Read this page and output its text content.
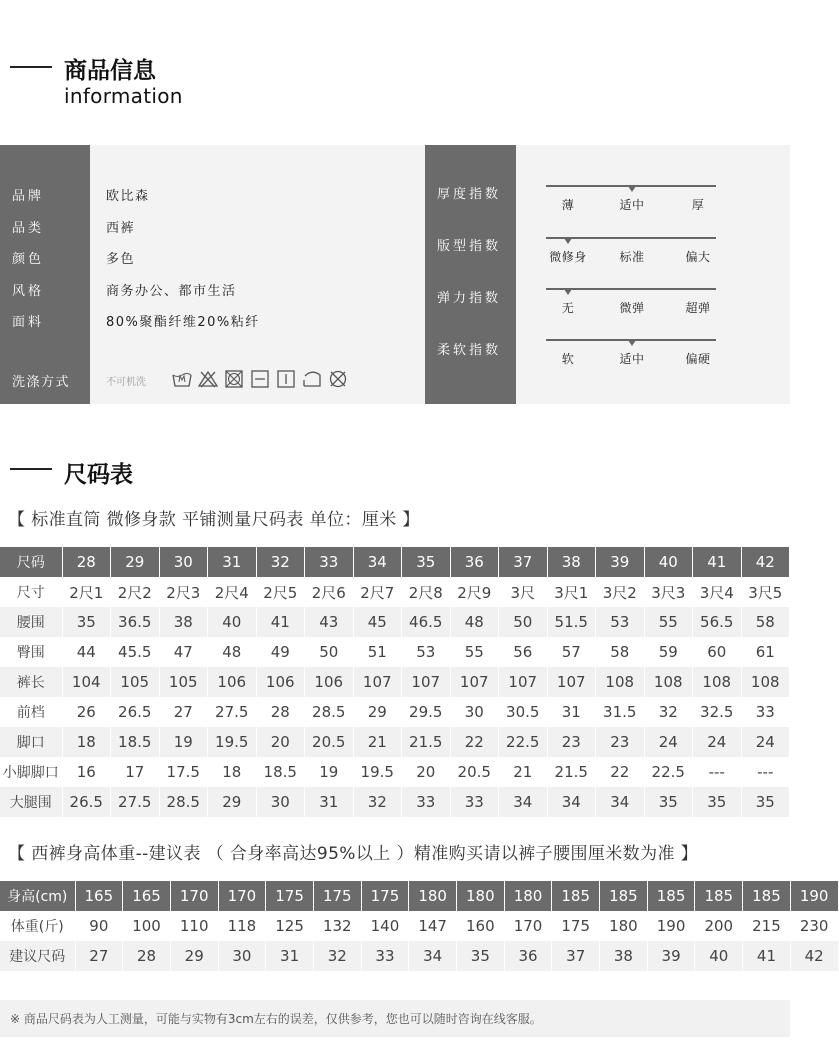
商品信息
information
品牌	欧比森
品类	西裤
颜色	多色
风格	商务办公、都市生活
面料	80%聚酯纤维20%粘纤
洗涤方式	不可机洗
厚度指数
版型指数
弹力指数
柔软指数
薄	适中	厚
微修身	标准	偏大
无	微弹	超弹
软	适中	偏硬
尺码表
【 标准直筒 微修身款 平铺测量尺码表 单位：厘米 】
尺码	28	29	30	31	32	33	34	35	36	37	38	39	40	41	42
尺寸	2尺1	2尺2	2尺3	2尺4	2尺5	2尺6	2尺7	2尺8	2尺9	3尺	3尺1	3尺2	3尺3	3尺4	3尺5
腰围	35	36.5	38	40	41	43	45	46.5	48	50	51.5	53	55	56.5	58
臀围	44	45.5	47	48	49	50	51	53	55	56	57	58	59	60	61
裤长	104	105	105	106	106	106	107	107	107	107	107	108	108	108	108
前档	26	26.5	27	27.5	28	28.5	29	29.5	30	30.5	31	31.5	32	32.5	33
脚口	18	18.5	19	19.5	20	20.5	21	21.5	22	22.5	23	23	24	24	24
小脚脚口	16	17	17.5	18	18.5	19	19.5	20	20.5	21	21.5	22	22.5	---	---
大腿围	26.5	27.5	28.5	29	30	31	32	33	33	34	34	34	35	35	35
【 西裤身高体重--建议表 （ 合身率高达95%以上 ）精准购买请以裤子腰围厘米数为准 】
身高(cm)	165	165	170	170	175	175	175	180	180	180	185	185	185	185	185	190
体重(斤)	90	100	110	118	125	132	140	147	160	170	175	180	190	200	215	230
建议尺码	27	28	29	30	31	32	33	34	35	36	37	38	39	40	41	42
※ 商品尺码表为人工测量，可能与实物有3cm左右的误差，仅供参考，您也可以随时咨询在线客服。
